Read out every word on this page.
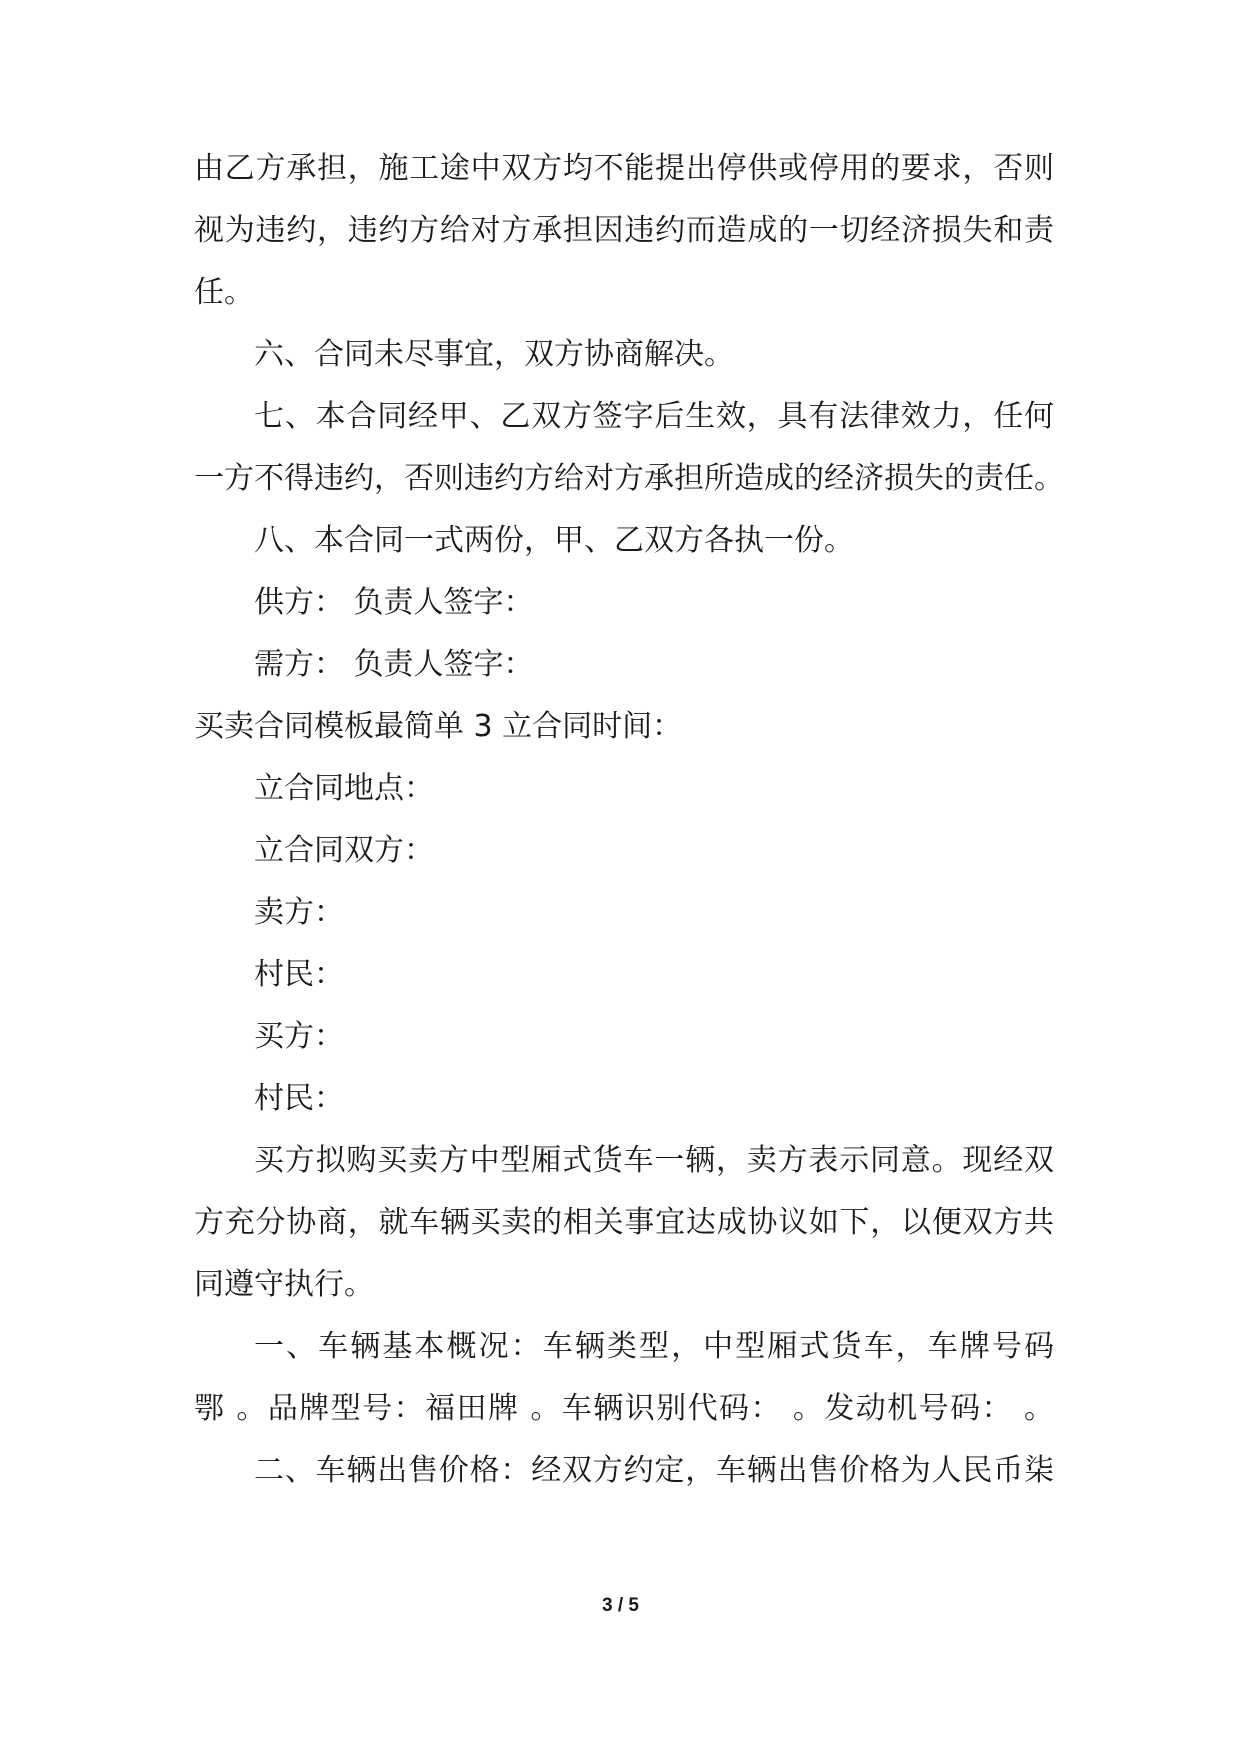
由乙方承担，施工途中双方均不能提出停供或停用的要求，否则
视为违约，违约方给对方承担因违约而造成的一切经济损失和责
任。
六、合同未尽事宜，双方协商解决。
七、本合同经甲、乙双方签字后生效，具有法律效力，任何
一方不得违约，否则违约方给对方承担所造成的经济损失的责任。
八、本合同一式两份，甲、乙双方各执一份。
供方： 负责人签字：
需方： 负责人签字：
买卖合同模板最简单 3 立合同时间：
立合同地点：
立合同双方：
卖方：
村民：
买方：
村民：
买方拟购买卖方中型厢式货车一辆，卖方表示同意。现经双
方充分协商，就车辆买卖的相关事宜达成协议如下，以便双方共
同遵守执行。
一、车辆基本概况：车辆类型，中型厢式货车，车牌号码
鄂 。品牌型号：福田牌 。车辆识别代码： 。发动机号码： 。
二、车辆出售价格：经双方约定，车辆出售价格为人民币柒
3 / 5
